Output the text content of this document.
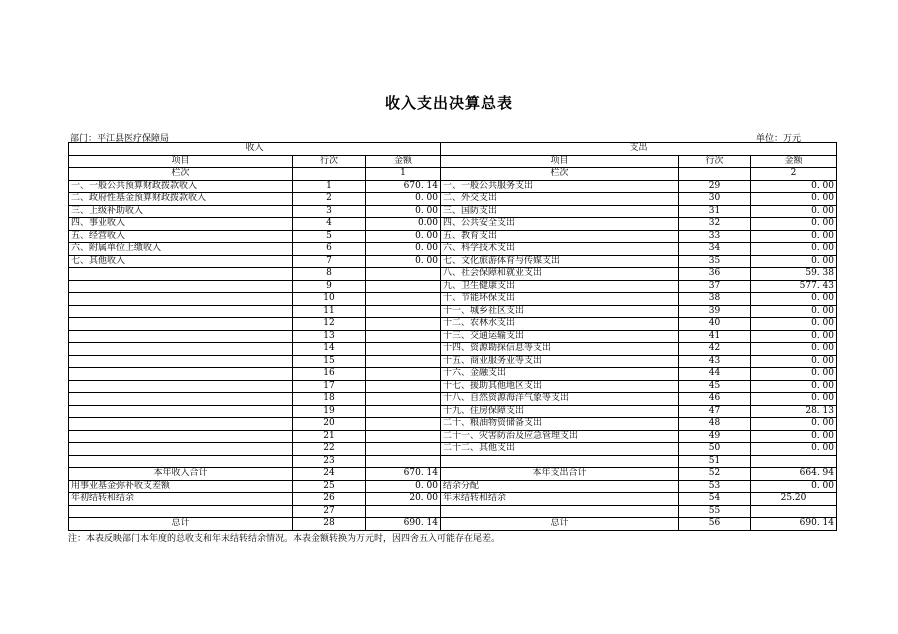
收入支出决算总表
部门：平江县医疗保障局	单位：万元
收入			支出		
项目	行次	金额	项目	行次	金额
栏次		1	栏次		2
一、一般公共预算财政拨款收入	1	670. 14	一、一般公共服务支出	29	0. 00
二、政府性基金预算财政拨款收入	2	0. 00	二、外交支出	30	0. 00
三、上级补助收入	3	0. 00	三、国防支出	31	0. 00
四、事业收入	4	0.00	四、公共安全支出	32	0. 00
五、经营收入	5	0. 00	五、教育支出	33	0. 00
六、附属单位上缴收入	6	0. 00	六、科学技术支出	34	0. 00
七、其他收入	7	0. 00	七、文化旅游体育与传媒支出	35	0. 00
	8		八、社会保障和就业支出	36	59. 38
	9		九、卫生健康支出	37	577. 43
	10		十、节能环保支出	38	0. 00
	11		十一、城乡社区支出	39	0. 00
	12		十二、农林水支出	40	0. 00
	13		十三、交通运输支出	41	0. 00
	14		十四、资源勘探信息等支出	42	0. 00
	15		十五、商业服务业等支出	43	0. 00
	16		十六、金融支出	44	0. 00
	17		十七、援助其他地区支出	45	0. 00
	18		十八、自然资源海洋气象等支出	46	0. 00
	19		十九、住房保障支出	47	28. 13
	20		二十、粮油物资储备支出	48	0. 00
	21		二十一、灾害防治及应急管理支出	49	0. 00
	22		二十二、其他支出	50	0. 00
	23			51	
本年收入合计	24	670. 14	本年支出合计	52	664. 94
用事业基金弥补收支差额	25	0. 00	结余分配	53	0. 00
年初结转和结余	26	20. 00	年末结转和结余	54	25.20
	27			55	
总计	28	690. 14	总计	56	690. 14
注：本表反映部门本年度的总收支和年末结转结余情况。本表金额转换为万元时，因四舍五入可能存在尾差。
